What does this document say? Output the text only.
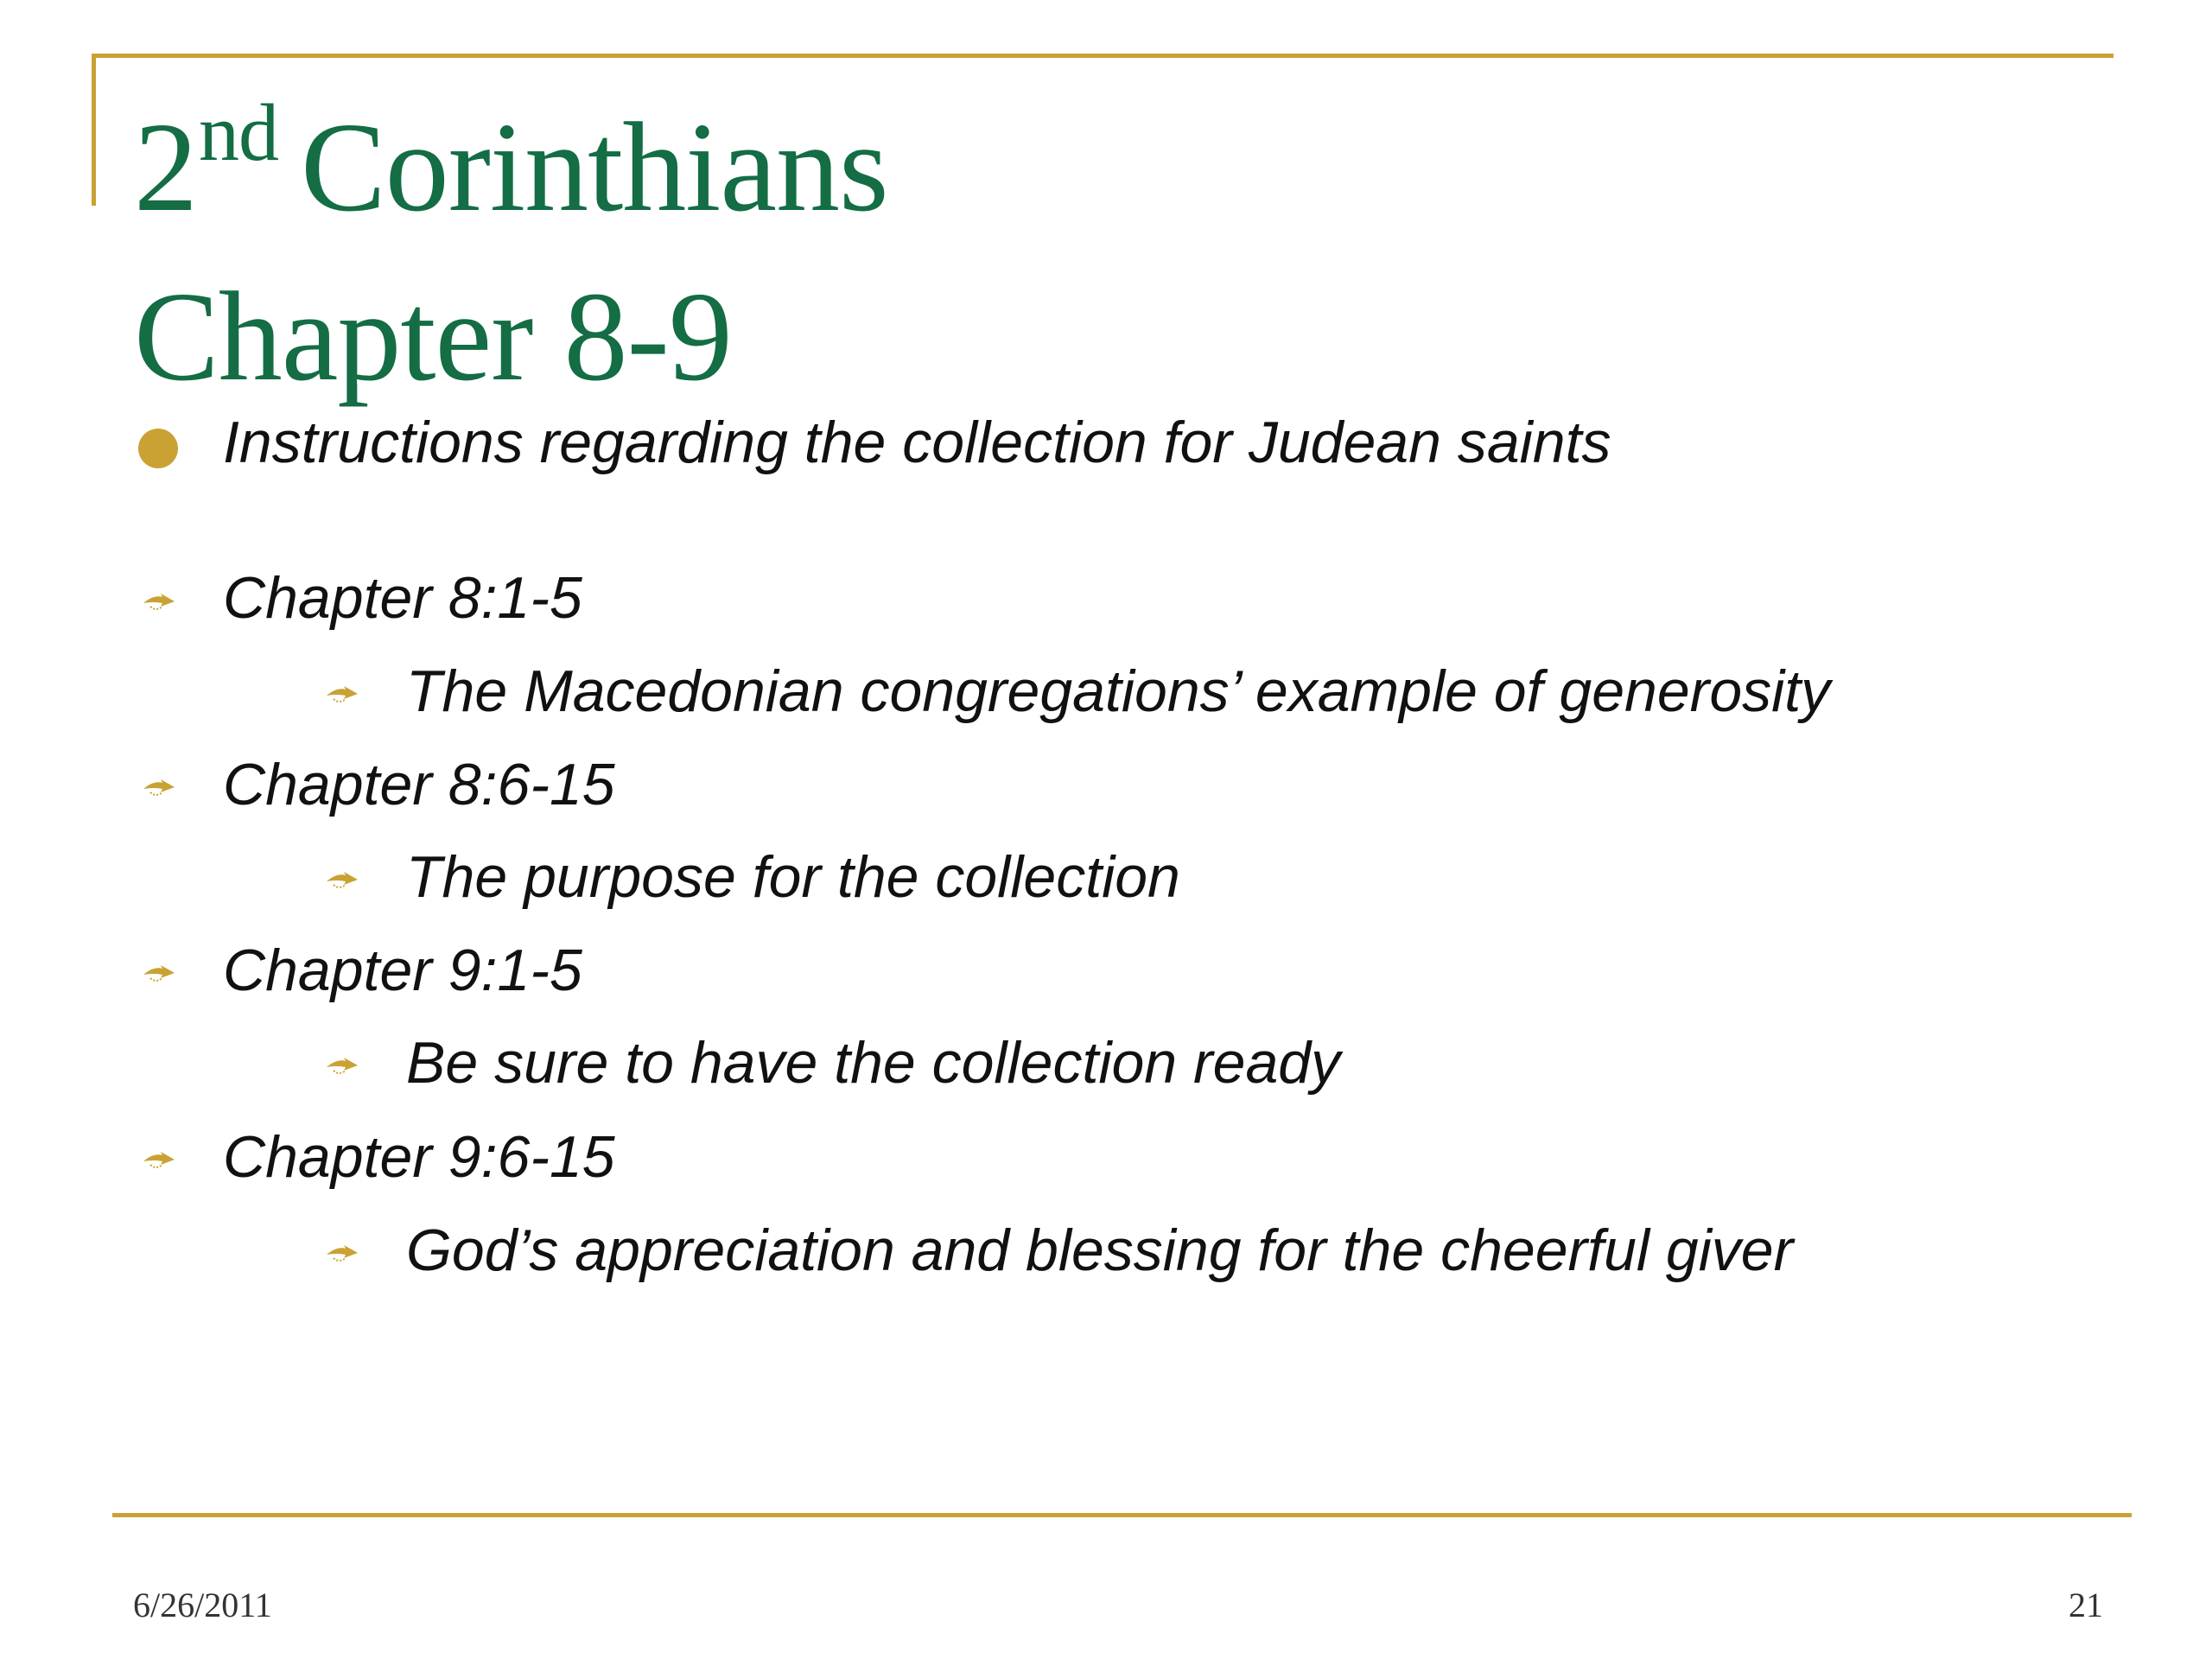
2nd Corinthians
Chapter 8-9
Instructions regarding the collection for Judean saints
Chapter 8:1-5
The Macedonian congregations’ example of generosity
Chapter 8:6-15
The purpose for the collection
Chapter 9:1-5
Be sure to have the collection ready
Chapter 9:6-15
God’s appreciation and blessing for the cheerful giver
6/26/2011	21
